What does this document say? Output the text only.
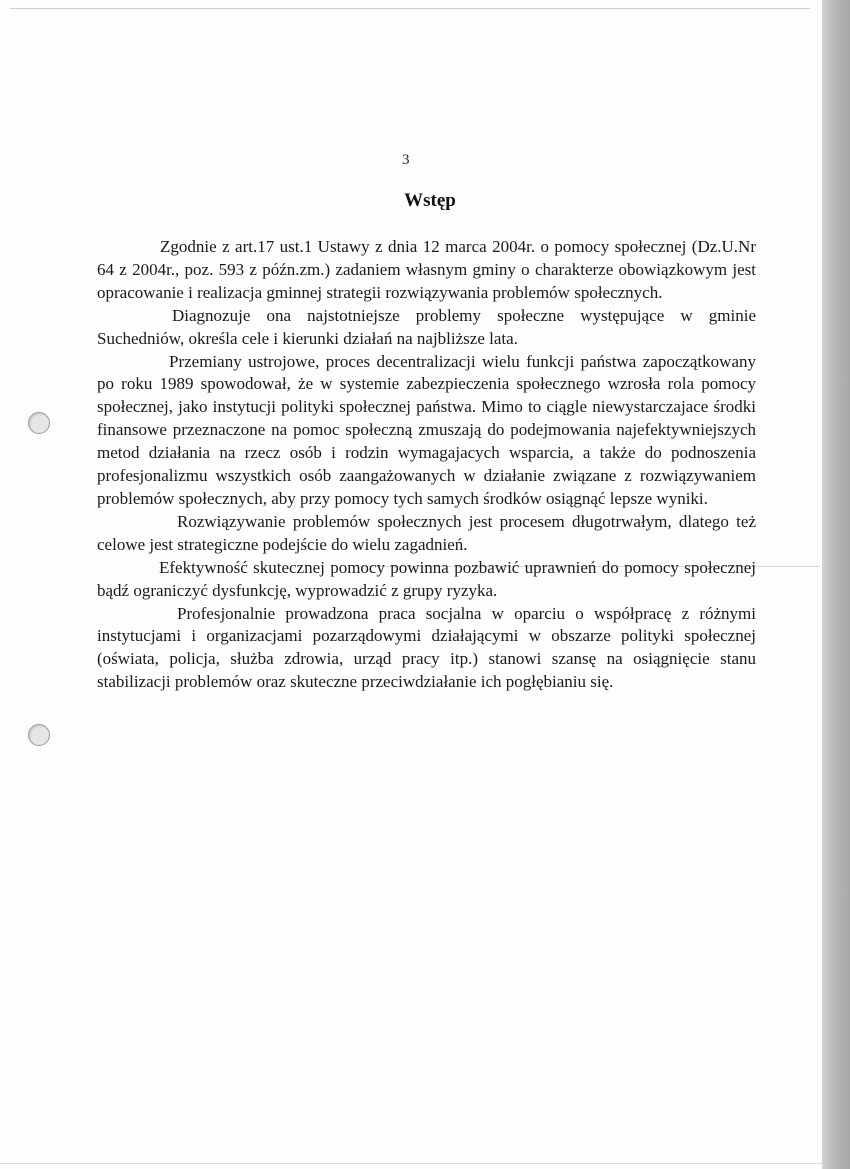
3
Wstęp

Zgodnie z art.17 ust.1 Ustawy z dnia 12 marca 2004r. o pomocy społecznej (Dz.U.Nr 64 z 2004r., poz. 593 z późn.zm.) zadaniem własnym gminy o charakterze obowiązkowym jest opracowanie i realizacja gminnej strategii rozwiązywania problemów społecznych.

Diagnozuje ona najstotniejsze problemy społeczne występujące w gminie Suchedniów, określa cele i kierunki działań na najbliższe lata.

Przemiany ustrojowe, proces decentralizacji wielu funkcji państwa zapoczątkowany po roku 1989 spowodował, że w systemie zabezpieczenia społecznego wzrosła rola pomocy społecznej, jako instytucji polityki społecznej państwa. Mimo to ciągle niewystarczajace środki finansowe przeznaczone na pomoc społeczną zmuszają do podejmowania najefektywniejszych metod działania na rzecz osób i rodzin wymagajacych wsparcia, a także do podnoszenia profesjonalizmu wszystkich osób zaangażowanych w działanie związane z rozwiązywaniem problemów społecznych, aby przy pomocy tych samych środków osiągnąć lepsze wyniki.

Rozwiązywanie problemów społecznych jest procesem długotrwałym, dlatego też celowe jest strategiczne podejście do wielu zagadnień.

Efektywność skutecznej pomocy powinna pozbawić uprawnień do pomocy społecznej bądź ograniczyć dysfunkcję, wyprowadzić z grupy ryzyka.

Profesjonalnie prowadzona praca socjalna w oparciu o współpracę z różnymi instytucjami i organizacjami pozarządowymi działającymi w obszarze polityki społecznej (oświata, policja, służba zdrowia, urząd pracy itp.) stanowi szansę na osiągnięcie stanu stabilizacji problemów oraz skuteczne przeciwdziałanie ich pogłębianiu się.
